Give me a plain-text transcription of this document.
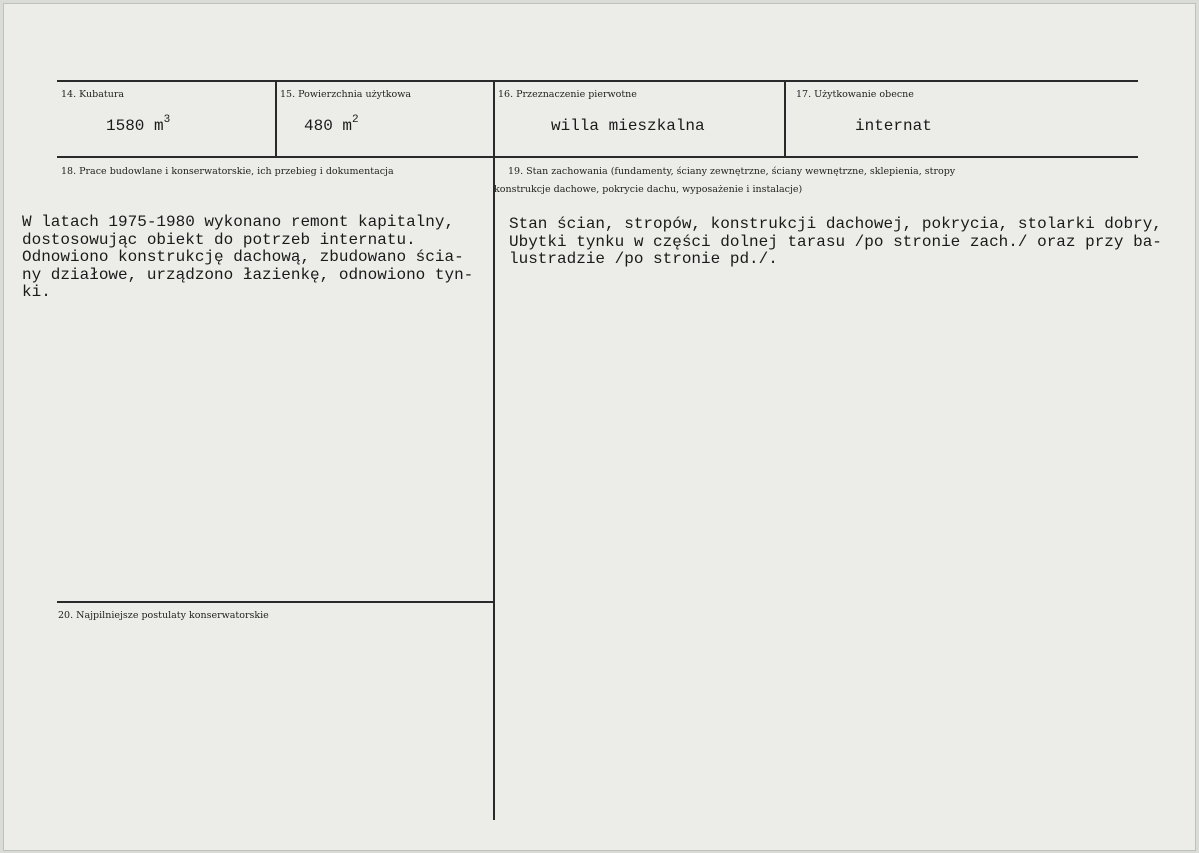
14. Kubatura
1580 $m^3$
15. Powierzchnia użytkowa
480 $m^2$
16. Przeznaczenie pierwotne
willa mieszkalna
17. Użytkowanie obecne
internat
18. Prace budowlane i konserwatorskie, ich przebieg i dokumentacja
W latach 1975-1980 wykonano remont kapitalny,
dostosowując obiekt do potrzeb internatu.
Odnowiono konstrukcję dachową, zbudowano ścia-
ny działowe, urządzono łazienkę, odnowiono tyn-
ki.
19. Stan zachowania (fundamenty, ściany zewnętrzne, ściany wewnętrzne, sklepienia, stropy
konstrukcje dachowe, pokrycie dachu, wyposażenie i instalacje)
Stan ścian, stropów, konstrukcji dachowej, pokrycia, stolarki dobry,
Ubytki tynku w części dolnej tarasu /po stronie zach./ oraz przy ba-
lustradzie /po stronie pd./.
20. Najpilniejsze postulaty konserwatorskie
